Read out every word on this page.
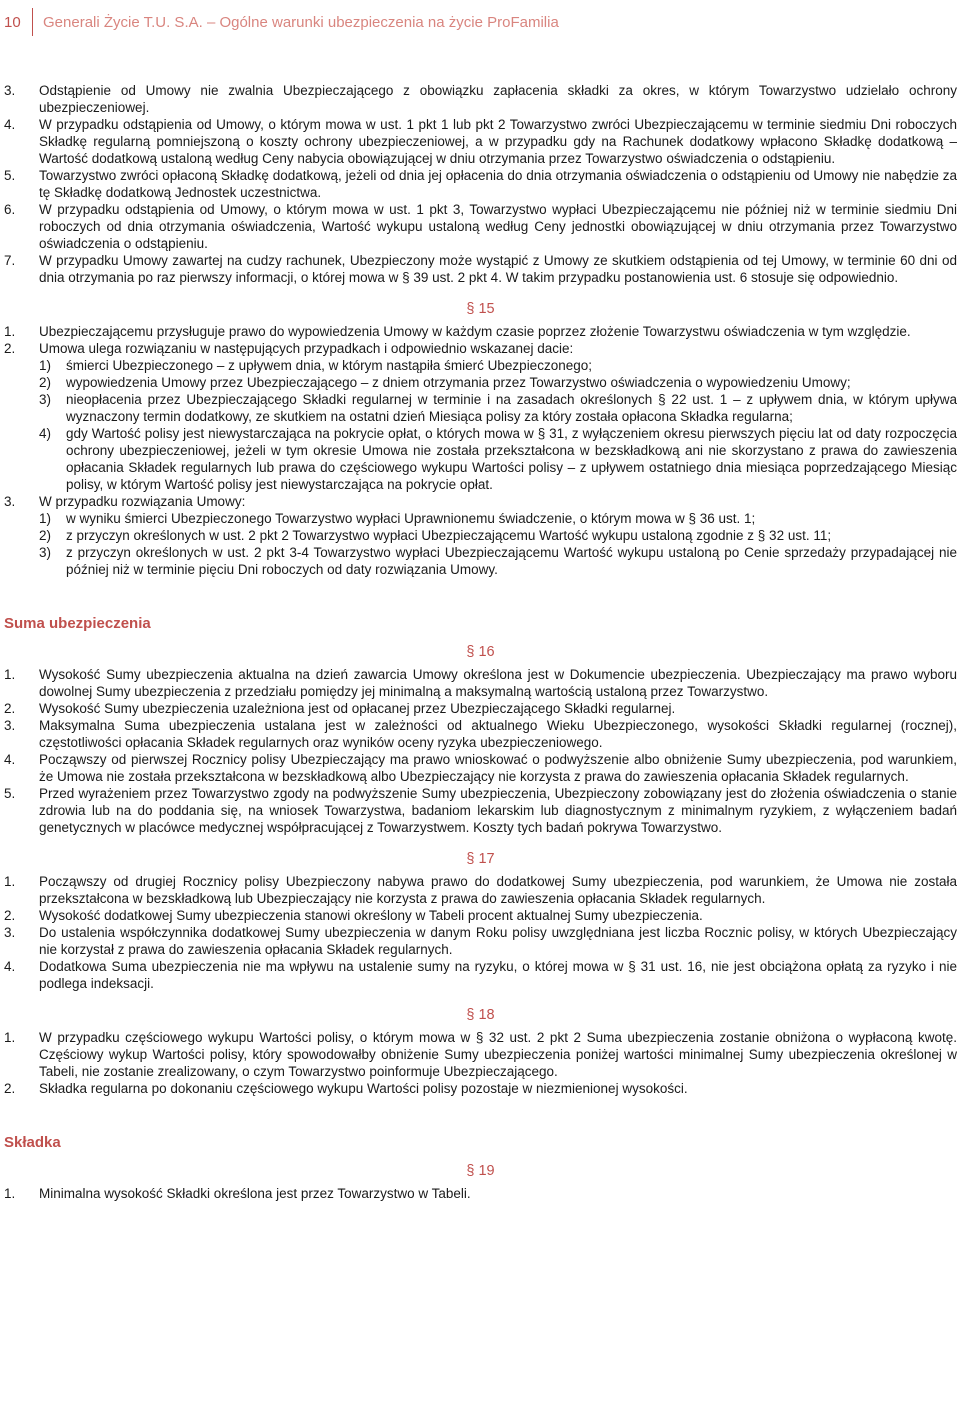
10	Generali Życie T.U. S.A. – Ogólne warunki ubezpieczenia na życie ProFamilia
3.	Odstąpienie od Umowy nie zwalnia Ubezpieczającego z obowiązku zapłacenia składki za okres, w którym Towarzystwo udzielało ochrony ubezpieczeniowej.
4.	W przypadku odstąpienia od Umowy, o którym mowa w ust. 1 pkt 1 lub pkt 2 Towarzystwo zwróci Ubezpieczającemu w terminie siedmiu Dni roboczych Składkę regularną pomniejszoną o koszty ochrony ubezpieczeniowej, a w przypadku gdy na Rachunek dodatkowy wpłacono Składkę dodatkową – Wartość dodatkową ustaloną według Ceny nabycia obowiązującej w dniu otrzymania przez Towarzystwo oświadczenia o odstąpieniu.
5.	Towarzystwo zwróci opłaconą Składkę dodatkową, jeżeli od dnia jej opłacenia do dnia otrzymania oświadczenia o odstąpieniu od Umowy nie nabędzie za tę Składkę dodatkową Jednostek uczestnictwa.
6.	W przypadku odstąpienia od Umowy, o którym mowa w ust. 1 pkt 3, Towarzystwo wypłaci Ubezpieczającemu nie później niż w terminie siedmiu Dni roboczych od dnia otrzymania oświadczenia, Wartość wykupu ustaloną według Ceny jednostki obowiązującej w dniu otrzymania przez Towarzystwo oświadczenia o odstąpieniu.
7.	W przypadku Umowy zawartej na cudzy rachunek, Ubezpieczony może wystąpić z Umowy ze skutkiem odstąpienia od tej Umowy, w terminie 60 dni od dnia otrzymania po raz pierwszy informacji, o której mowa w § 39 ust. 2 pkt 4. W takim przypadku postanowienia ust. 6 stosuje się odpowiednio.
§ 15
1.	Ubezpieczającemu przysługuje prawo do wypowiedzenia Umowy w każdym czasie poprzez złożenie Towarzystwu oświadczenia w tym względzie.
2.	Umowa ulega rozwiązaniu w następujących przypadkach i odpowiednio wskazanej dacie:
1)	śmierci Ubezpieczonego – z upływem dnia, w którym nastąpiła śmierć Ubezpieczonego;
2)	wypowiedzenia Umowy przez Ubezpieczającego – z dniem otrzymania przez Towarzystwo oświadczenia o wypowiedzeniu Umowy;
3)	nieopłacenia przez Ubezpieczającego Składki regularnej w terminie i na zasadach określonych § 22 ust. 1 – z upływem dnia, w którym upływa wyznaczony termin dodatkowy, ze skutkiem na ostatni dzień Miesiąca polisy za który została opłacona Składka regularna;
4)	gdy Wartość polisy jest niewystarczająca na pokrycie opłat, o których mowa w § 31, z wyłączeniem okresu pierwszych pięciu lat od daty rozpoczęcia ochrony ubezpieczeniowej, jeżeli w tym okresie Umowa nie została przekształcona w bezskładkową ani nie skorzystano z prawa do zawieszenia opłacania Składek regularnych lub prawa do częściowego wykupu Wartości polisy – z upływem ostatniego dnia miesiąca poprzedzającego Miesiąc polisy, w którym Wartość polisy jest niewystarczająca na pokrycie opłat.
3.	W przypadku rozwiązania Umowy:
1)	w wyniku śmierci Ubezpieczonego Towarzystwo wypłaci Uprawnionemu świadczenie, o którym mowa w § 36 ust. 1;
2)	z przyczyn określonych w ust. 2 pkt 2 Towarzystwo wypłaci Ubezpieczającemu Wartość wykupu ustaloną zgodnie z § 32 ust. 11;
3)	z przyczyn określonych w ust. 2 pkt 3-4 Towarzystwo wypłaci Ubezpieczającemu Wartość wykupu ustaloną po Cenie sprzedaży przypadającej nie później niż w terminie pięciu Dni roboczych od daty rozwiązania Umowy.
Suma ubezpieczenia
§ 16
1.	Wysokość Sumy ubezpieczenia aktualna na dzień zawarcia Umowy określona jest w Dokumencie ubezpieczenia. Ubezpieczający ma prawo wyboru dowolnej Sumy ubezpieczenia z przedziału pomiędzy jej minimalną a maksymalną wartością ustaloną przez Towarzystwo.
2.	Wysokość Sumy ubezpieczenia uzależniona jest od opłacanej przez Ubezpieczającego Składki regularnej.
3.	Maksymalna Suma ubezpieczenia ustalana jest w zależności od aktualnego Wieku Ubezpieczonego, wysokości Składki regularnej (rocznej), częstotliwości opłacania Składek regularnych oraz wyników oceny ryzyka ubezpieczeniowego.
4.	Począwszy od pierwszej Rocznicy polisy Ubezpieczający ma prawo wnioskować o podwyższenie albo obniżenie Sumy ubezpieczenia, pod warunkiem, że Umowa nie została przekształcona w bezskładkową albo Ubezpieczający nie korzysta z prawa do zawieszenia opłacania Składek regularnych.
5.	Przed wyrażeniem przez Towarzystwo zgody na podwyższenie Sumy ubezpieczenia, Ubezpieczony zobowiązany jest do złożenia oświadczenia o stanie zdrowia lub na do poddania się, na wniosek Towarzystwa, badaniom lekarskim lub diagnostycznym z minimalnym ryzykiem, z wyłączeniem badań genetycznych w placówce medycznej współpracującej z Towarzystwem. Koszty tych badań pokrywa Towarzystwo.
§ 17
1.	Począwszy od drugiej Rocznicy polisy Ubezpieczony nabywa prawo do dodatkowej Sumy ubezpieczenia, pod warunkiem, że Umowa nie została przekształcona w bezskładkową lub Ubezpieczający nie korzysta z prawa do zawieszenia opłacania Składek regularnych.
2.	Wysokość dodatkowej Sumy ubezpieczenia stanowi określony w Tabeli procent aktualnej Sumy ubezpieczenia.
3.	Do ustalenia współczynnika dodatkowej Sumy ubezpieczenia w danym Roku polisy uwzględniana jest liczba Rocznic polisy, w których Ubezpieczający nie korzystał z prawa do zawieszenia opłacania Składek regularnych.
4.	Dodatkowa Suma ubezpieczenia nie ma wpływu na ustalenie sumy na ryzyku, o której mowa w § 31 ust. 16, nie jest obciążona opłatą za ryzyko i nie podlega indeksacji.
§ 18
1.	W przypadku częściowego wykupu Wartości polisy, o którym mowa w § 32 ust. 2 pkt 2 Suma ubezpieczenia zostanie obniżona o wypłaconą kwotę. Częściowy wykup Wartości polisy, który spowodowałby obniżenie Sumy ubezpieczenia poniżej wartości minimalnej Sumy ubezpieczenia określonej w Tabeli, nie zostanie zrealizowany, o czym Towarzystwo poinformuje Ubezpieczającego.
2.	Składka regularna po dokonaniu częściowego wykupu Wartości polisy pozostaje w niezmienionej wysokości.
Składka
§ 19
1.	Minimalna wysokość Składki określona jest przez Towarzystwo w Tabeli.
